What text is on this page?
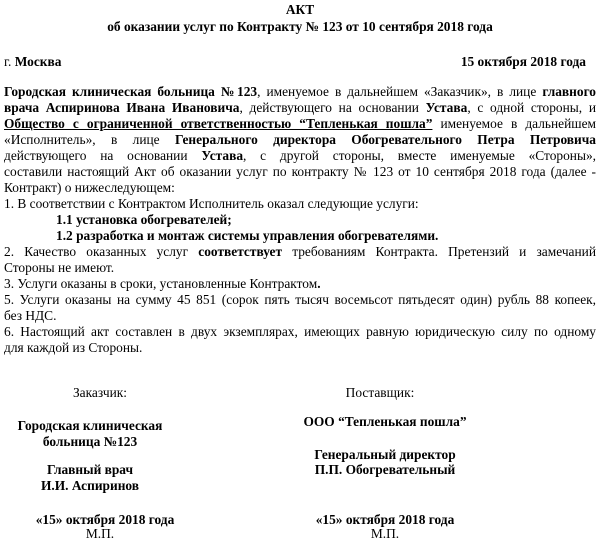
АКТ
об оказании услуг по Контракту № 123 от 10 сентября 2018 года
г. Москва	15 октября 2018 года
Городская клиническая больница №123, именуемое в дальнейшем «Заказчик», в лице главного
врача Аспиринова Ивана Ивановича, действующего на основании Устава, с одной стороны, и
Общество с ограниченной ответственностью “Тепленькая пошла” именуемое в дальнейшем
«Исполнитель», в лице Генерального директора Обогревательного Петра Петровича
действующего на основании Устава, с другой стороны, вместе именуемые «Стороны»,
составили настоящий Акт об оказании услуг по контракту № 123 от 10 сентября 2018 года (далее -
Контракт) о нижеследующем:
1. В соответствии с Контрактом Исполнитель оказал следующие услуги:
1.1 установка обогревателей;
1.2 разработка и монтаж системы управления обогревателями.
2. Качество оказанных услуг соответствует требованиям Контракта. Претензий и замечаний
Стороны не имеют.
3. Услуги оказаны в сроки, установленные Контрактом.
5. Услуги оказаны на сумму 45 851 (сорок пять тысяч восемьсот пятьдесят один) рубль 88 копеек,
без НДС.
6. Настоящий акт составлен в двух экземплярах, имеющих равную юридическую силу по одному
для каждой из Стороны.
Заказчик:
Городская клиническая
больница №123
Главный врач
И.И. Аспиринов
«15» октября 2018 года
М.П.
Поставщик:
ООО “Тепленькая пошла”
Генеральный директор
П.П. Обогревательный
«15» октября 2018 года
М.П.
